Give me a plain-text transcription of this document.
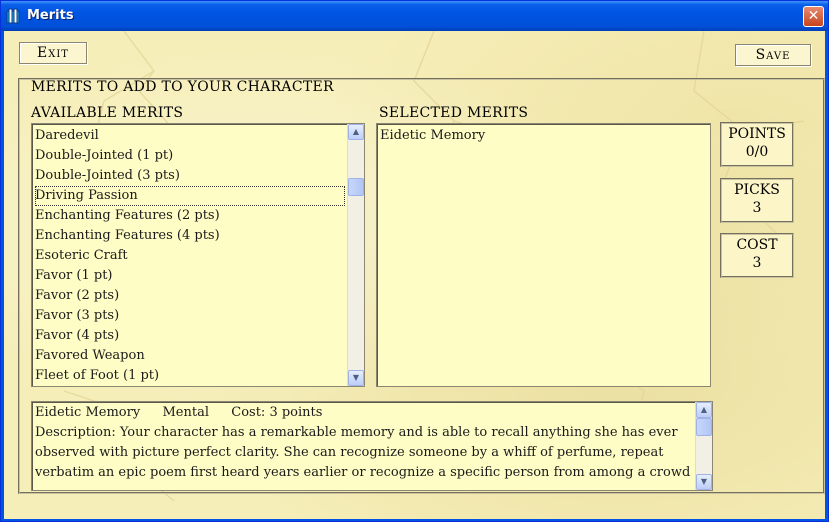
Merits	✕
Exit	Save
MERITS TO ADD TO YOUR CHARACTER
AVAILABLE MERITS	SELECTED MERITS
Daredevil
Double-Jointed (1 pt)
Double-Jointed (3 pts)
Driving Passion
Enchanting Features (2 pts)
Enchanting Features (4 pts)
Esoteric Craft
Favor (1 pt)
Favor (2 pts)
Favor (3 pts)
Favor (4 pts)
Favored Weapon
Fleet of Foot (1 pt)
▲
▼
Eidetic Memory	POINTS
0/0
PICKS
3
COST
3
Eidetic Memory Mental Cost: 3 points
Description: Your character has a remarkable memory and is able to recall anything she has ever
observed with picture perfect clarity. She can recognize someone by a whiff of perfume, repeat
verbatim an epic poem first heard years earlier or recognize a specific person from among a crowd
▲
▼
